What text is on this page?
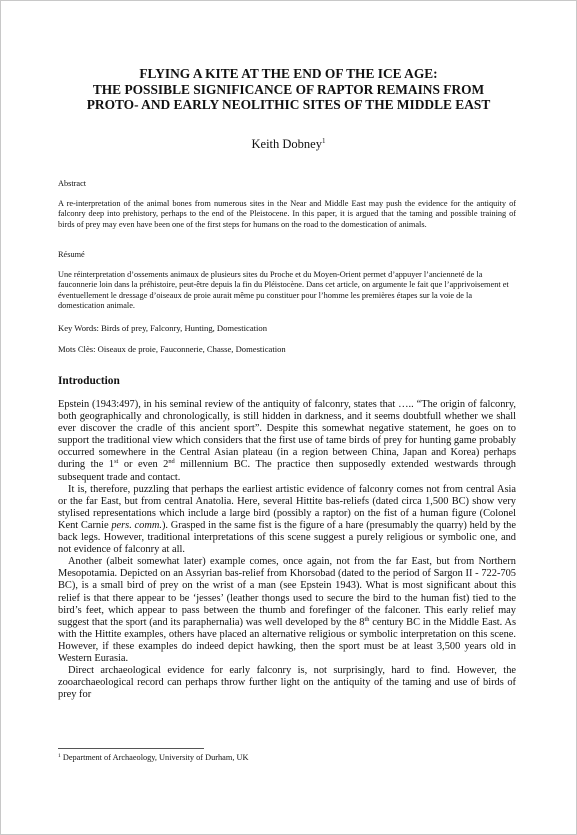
FLYING A KITE AT THE END OF THE ICE AGE:
THE POSSIBLE SIGNIFICANCE OF RAPTOR REMAINS FROM
PROTO- AND EARLY NEOLITHIC SITES OF THE MIDDLE EAST
Keith Dobney$^1$
Abstract
A re-interpretation of the animal bones from numerous sites in the Near and Middle East may push the evidence for the antiquity of falconry deep into prehistory, perhaps to the end of the Pleistocene. In this paper, it is argued that the taming and possible training of birds of prey may even have been one of the first steps for humans on the road to the domestication of animals.
Résumé
Une réinterpretation d’ossements animaux de plusieurs sites du Proche et du Moyen-Orient permet d’appuyer l’ancienneté de la fauconnerie loin dans la préhistoire, peut-être depuis la fin du Pléistocène. Dans cet article, on argumente le fait que l’apprivoisement et éventuellement le dressage d’oiseaux de proie aurait même pu constituer pour l’homme les premières étapes sur la voie de la domestication animale.
Key Words: Birds of prey, Falconry, Hunting, Domestication
Mots Clès: Oiseaux de proie, Fauconnerie, Chasse, Domestication
Introduction

Epstein (1943:497), in his seminal review of the antiquity of falconry, states that ….. “The origin of falconry, both geographically and chronologically, is still hidden in darkness, and it seems doubtfull whether we shall ever discover the cradle of this ancient sport”. Despite this somewhat negative statement, he goes on to support the traditional view which considers that the first use of tame birds of prey for hunting game probably occurred somewhere in the Central Asian plateau (in a region between China, Japan and Korea) perhaps during the 1st or even 2nd millennium BC. The practice then supposedly extended westwards through subsequent trade and contact.

It is, therefore, puzzling that perhaps the earliest artistic evidence of falconry comes not from central Asia or the far East, but from central Anatolia. Here, several Hittite bas-reliefs (dated circa 1,500 BC) show very stylised representations which include a large bird (possibly a raptor) on the fist of a human figure (Colonel Kent Carnie pers. comm.). Grasped in the same fist is the figure of a hare (presumably the quarry) held by the back legs. However, traditional interpretations of this scene suggest a purely religious or symbolic one, and not evidence of falconry at all.

Another (albeit somewhat later) example comes, once again, not from the far East, but from Northern Mesopotamia. Depicted on an Assyrian bas-relief from Khorsobad (dated to the period of Sargon II - 722-705 BC), is a small bird of prey on the wrist of a man (see Epstein 1943). What is most significant about this relief is that there appear to be ‘jesses’ (leather thongs used to secure the bird to the human fist) tied to the bird’s feet, which appear to pass between the thumb and forefinger of the falconer. This early relief may suggest that the sport (and its paraphernalia) was well developed by the 8th century BC in the Middle East. As with the Hittite examples, others have placed an alternative religious or symbolic interpretation on this scene. However, if these examples do indeed depict hawking, then the sport must be at least 3,500 years old in Western Eurasia.

Direct archaeological evidence for early falconry is, not surprisingly, hard to find. However, the zooarchaeological record can perhaps throw further light on the antiquity of the taming and use of birds of prey for

$^1$ Department of Archaeology, University of Durham, UK
